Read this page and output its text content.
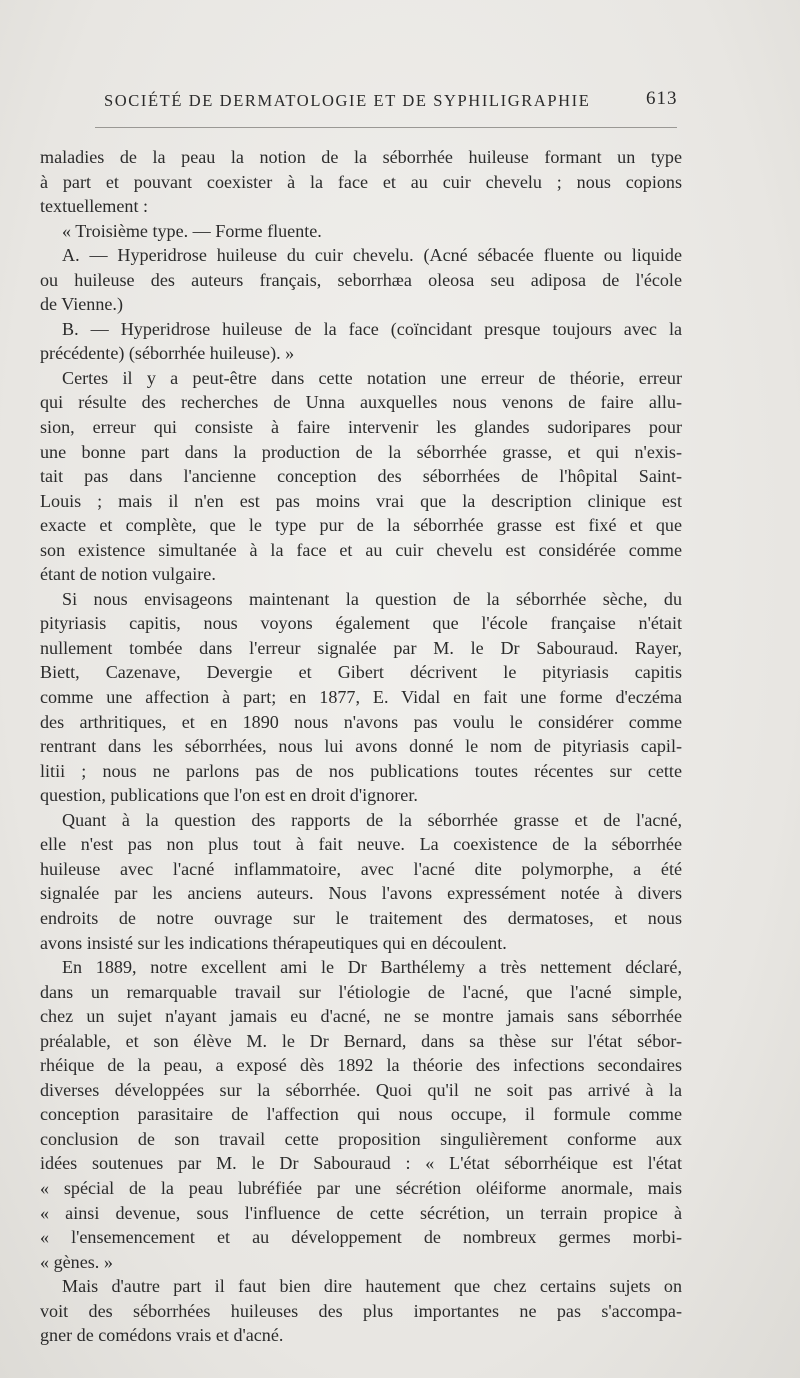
SOCIÉTÉ DE DERMATOLOGIE ET DE SYPHILIGRAPHIE	613
maladies de la peau la notion de la séborrhée huileuse formant un type
à part et pouvant coexister à la face et au cuir chevelu ; nous copions
textuellement :
« Troisième type. — Forme fluente.
A. — Hyperidrose huileuse du cuir chevelu. (Acné sébacée fluente ou liquide
ou huileuse des auteurs français, seborrhæa oleosa seu adiposa de l'école
de Vienne.)
B. — Hyperidrose huileuse de la face (coïncidant presque toujours avec la
précédente) (séborrhée huileuse). »
Certes il y a peut-être dans cette notation une erreur de théorie, erreur
qui résulte des recherches de Unna auxquelles nous venons de faire allu-
sion, erreur qui consiste à faire intervenir les glandes sudoripares pour
une bonne part dans la production de la séborrhée grasse, et qui n'exis-
tait pas dans l'ancienne conception des séborrhées de l'hôpital Saint-
Louis ; mais il n'en est pas moins vrai que la description clinique est
exacte et complète, que le type pur de la séborrhée grasse est fixé et que
son existence simultanée à la face et au cuir chevelu est considérée comme
étant de notion vulgaire.
Si nous envisageons maintenant la question de la séborrhée sèche, du
pityriasis capitis, nous voyons également que l'école française n'était
nullement tombée dans l'erreur signalée par M. le Dr Sabouraud. Rayer,
Biett, Cazenave, Devergie et Gibert décrivent le pityriasis capitis
comme une affection à part; en 1877, E. Vidal en fait une forme d'eczéma
des arthritiques, et en 1890 nous n'avons pas voulu le considérer comme
rentrant dans les séborrhées, nous lui avons donné le nom de pityriasis capil-
litii ; nous ne parlons pas de nos publications toutes récentes sur cette
question, publications que l'on est en droit d'ignorer.
Quant à la question des rapports de la séborrhée grasse et de l'acné,
elle n'est pas non plus tout à fait neuve. La coexistence de la séborrhée
huileuse avec l'acné inflammatoire, avec l'acné dite polymorphe, a été
signalée par les anciens auteurs. Nous l'avons expressément notée à divers
endroits de notre ouvrage sur le traitement des dermatoses, et nous
avons insisté sur les indications thérapeutiques qui en découlent.
En 1889, notre excellent ami le Dr Barthélemy a très nettement déclaré,
dans un remarquable travail sur l'étiologie de l'acné, que l'acné simple,
chez un sujet n'ayant jamais eu d'acné, ne se montre jamais sans séborrhée
préalable, et son élève M. le Dr Bernard, dans sa thèse sur l'état sébor-
rhéique de la peau, a exposé dès 1892 la théorie des infections secondaires
diverses développées sur la séborrhée. Quoi qu'il ne soit pas arrivé à la
conception parasitaire de l'affection qui nous occupe, il formule comme
conclusion de son travail cette proposition singulièrement conforme aux
idées soutenues par M. le Dr Sabouraud : « L'état séborrhéique est l'état
« spécial de la peau lubréfiée par une sécrétion oléiforme anormale, mais
« ainsi devenue, sous l'influence de cette sécrétion, un terrain propice à
« l'ensemencement et au développement de nombreux germes morbi-
« gènes. »
Mais d'autre part il faut bien dire hautement que chez certains sujets on
voit des séborrhées huileuses des plus importantes ne pas s'accompa-
gner de comédons vrais et d'acné.
